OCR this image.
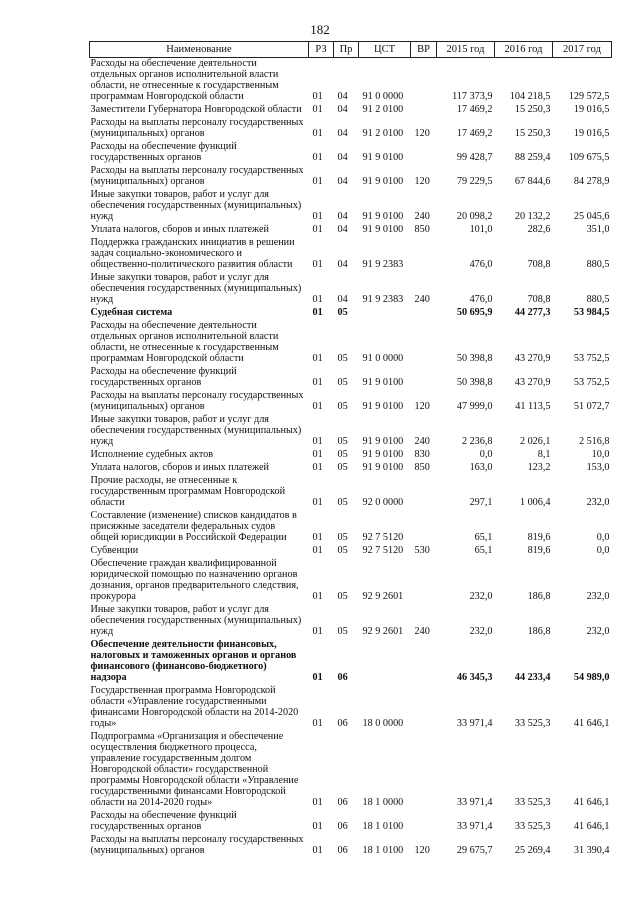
182
Наименование	РЗ	Пр	ЦСТ	ВР	2015 год	2016 год	2017 год
Расходы на обеспечение деятельности отдельных органов исполнительной власти области, не отнесенные к государственным программам Новгородской области	01	04	91 0 0000		117 373,9	104 218,5	129 572,5
Заместители Губернатора Новгородской области	01	04	91 2 0100		17 469,2	15 250,3	19 016,5
Расходы на выплаты персоналу государственных (муниципальных) органов	01	04	91 2 0100	120	17 469,2	15 250,3	19 016,5
Расходы на обеспечение функций государственных органов	01	04	91 9 0100		99 428,7	88 259,4	109 675,5
Расходы на выплаты персоналу государственных (муниципальных) органов	01	04	91 9 0100	120	79 229,5	67 844,6	84 278,9
Иные закупки товаров, работ и услуг для обеспечения государственных (муниципальных) нужд	01	04	91 9 0100	240	20 098,2	20 132,2	25 045,6
Уплата налогов, сборов и иных платежей	01	04	91 9 0100	850	101,0	282,6	351,0
Поддержка гражданских инициатив в решении задач социально-экономического и общественно-политического развития области	01	04	91 9 2383		476,0	708,8	880,5
Иные закупки товаров, работ и услуг для обеспечения государственных (муниципальных) нужд	01	04	91 9 2383	240	476,0	708,8	880,5
Судебная система	01	05			50 695,9	44 277,3	53 984,5
Расходы на обеспечение деятельности отдельных органов исполнительной власти области, не отнесенные к государственным программам Новгородской области	01	05	91 0 0000		50 398,8	43 270,9	53 752,5
Расходы на обеспечение функций государственных органов	01	05	91 9 0100		50 398,8	43 270,9	53 752,5
Расходы на выплаты персоналу государственных (муниципальных) органов	01	05	91 9 0100	120	47 999,0	41 113,5	51 072,7
Иные закупки товаров, работ и услуг для обеспечения государственных (муниципальных) нужд	01	05	91 9 0100	240	2 236,8	2 026,1	2 516,8
Исполнение судебных актов	01	05	91 9 0100	830	0,0	8,1	10,0
Уплата налогов, сборов и иных платежей	01	05	91 9 0100	850	163,0	123,2	153,0
Прочие расходы, не отнесенные к государственным программам Новгородской области	01	05	92 0 0000		297,1	1 006,4	232,0
Составление (изменение) списков кандидатов в присяжные заседатели федеральных судов общей юрисдикции в Российской Федерации	01	05	92 7 5120		65,1	819,6	0,0
Субвенции	01	05	92 7 5120	530	65,1	819,6	0,0
Обеспечение граждан квалифицированной юридической помощью по назначению органов дознания, органов предварительного следствия, прокурора	01	05	92 9 2601		232,0	186,8	232,0
Иные закупки товаров, работ и услуг для обеспечения государственных (муниципальных) нужд	01	05	92 9 2601	240	232,0	186,8	232,0
Обеспечение деятельности финансовых, налоговых и таможенных органов и органов финансового (финансово-бюджетного) надзора	01	06			46 345,3	44 233,4	54 989,0
Государственная программа Новгородской области «Управление государственными финансами Новгородской области на 2014-2020 годы»	01	06	18 0 0000		33 971,4	33 525,3	41 646,1
Подпрограмма «Организация и обеспечение осуществления бюджетного процесса, управление государственным долгом Новгородской области» государственной программы Новгородской области «Управление государственными финансами Новгородской области на 2014-2020 годы»	01	06	18 1 0000		33 971,4	33 525,3	41 646,1
Расходы на обеспечение функций государственных органов	01	06	18 1 0100		33 971,4	33 525,3	41 646,1
Расходы на выплаты персоналу государственных (муниципальных) органов	01	06	18 1 0100	120	29 675,7	25 269,4	31 390,4
